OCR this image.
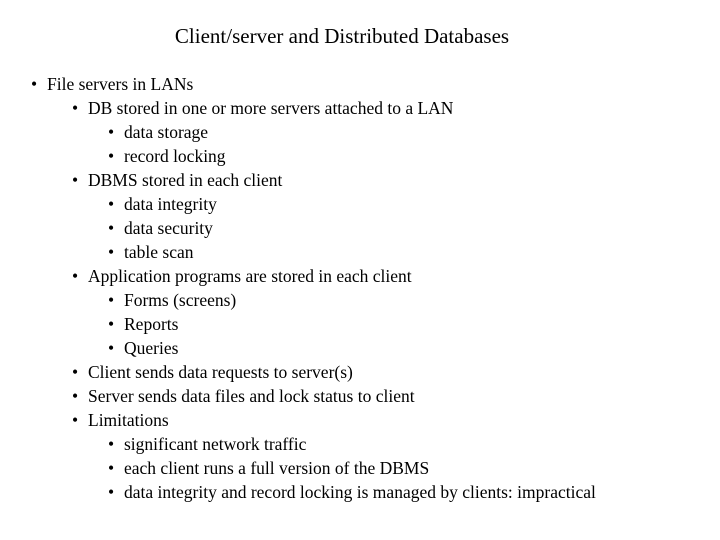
Client/server and Distributed Databases
• File servers in LANs
• DB stored in one or more servers attached to a LAN
• data storage
• record locking
• DBMS stored in each client
• data integrity
• data security
• table scan
• Application programs are stored in each client
• Forms (screens)
• Reports
• Queries
• Client sends data requests to server(s)
• Server sends data files and lock status to client
• Limitations
• significant network traffic
• each client runs a full version of the DBMS
• data integrity and record locking is managed by clients: impractical
